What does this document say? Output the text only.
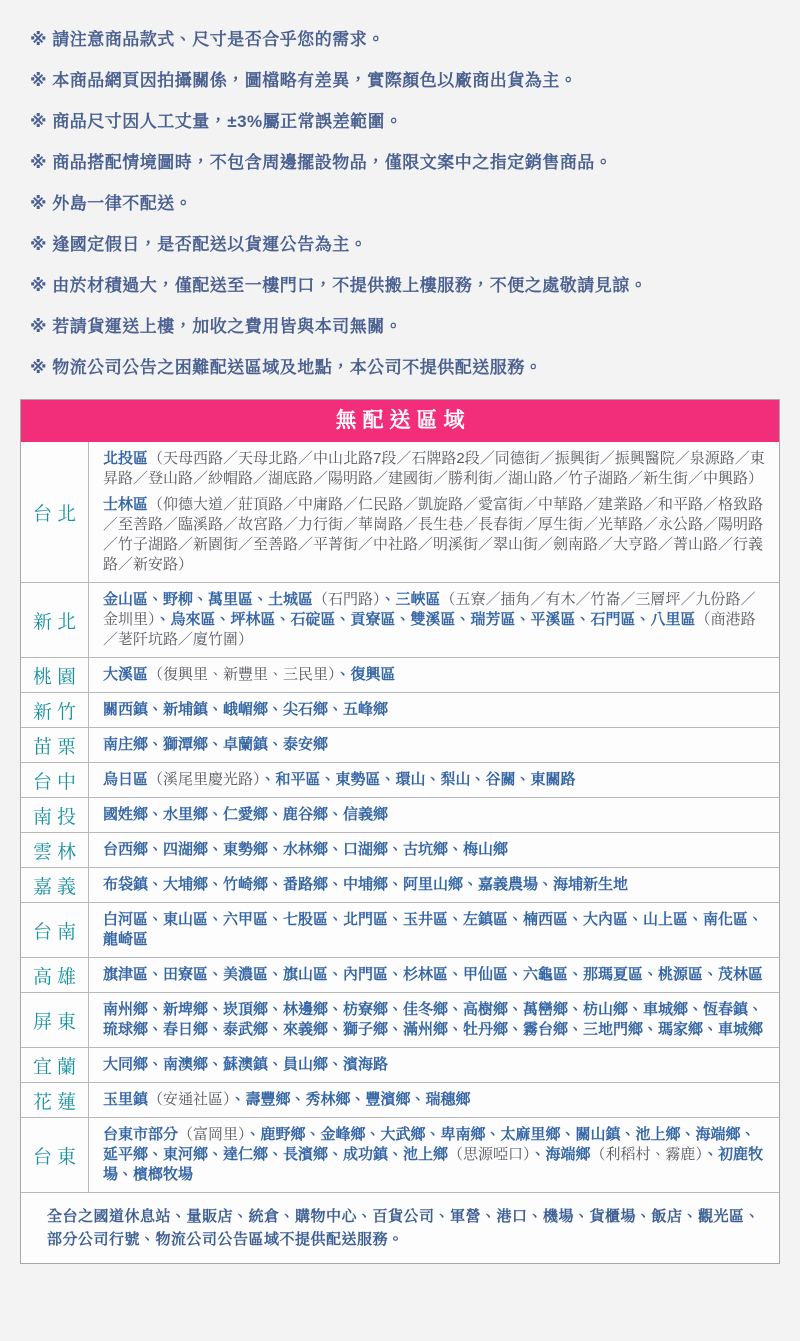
※ 請注意商品款式、尺寸是否合乎您的需求。
※ 本商品網頁因拍攝關係，圖檔略有差異，實際顏色以廠商出貨為主。
※ 商品尺寸因人工丈量，±3%屬正常誤差範圍。
※ 商品搭配情境圖時，不包含周邊擺設物品，僅限文案中之指定銷售商品。
※ 外島一律不配送。
※ 逢國定假日，是否配送以貨運公告為主。
※ 由於材積過大，僅配送至一樓門口，不提供搬上樓服務，不便之處敬請見諒。
※ 若請貨運送上樓，加收之費用皆與本司無關。
※ 物流公司公告之困難配送區域及地點，本公司不提供配送服務。
無配送區域
台北

北投區（天母西路／天母北路／中山北路7段／石牌路2段／同德街／振興街／振興醫院／泉源路／東昇路／登山路／紗帽路／湖底路／陽明路／建國街／勝利街／湖山路／竹子湖路／新生街／中興路）

士林區（仰德大道／莊頂路／中庸路／仁民路／凱旋路／愛富街／中華路／建業路／和平路／格致路／至善路／臨溪路／故宮路／力行街／華崗路／長生巷／長春街／厚生街／光華路／永公路／陽明路／竹子湖路／新園街／至善路／平菁街／中社路／明溪街／翠山街／劍南路／大亨路／菁山路／行義路／新安路）

新北

金山區、野柳、萬里區、土城區（石門路）、三峽區（五寮／插角／有木／竹崙／三層坪／九份路／金圳里）、烏來區、坪林區、石碇區、貢寮區、雙溪區、瑞芳區、平溪區、石門區、八里區（商港路／荖阡坑路／廈竹圍）

桃園 大溪區（復興里、新豐里、三民里）、復興區

新竹 關西鎮、新埔鎮、峨嵋鄉、尖石鄉、五峰鄉

苗栗 南庄鄉、獅潭鄉、卓蘭鎮、泰安鄉

台中 烏日區（溪尾里慶光路）、和平區、東勢區、環山、梨山、谷關、東關路

南投 國姓鄉、水里鄉、仁愛鄉、鹿谷鄉、信義鄉

雲林 台西鄉、四湖鄉、東勢鄉、水林鄉、口湖鄉、古坑鄉、梅山鄉

嘉義 布袋鎮、大埔鄉、竹崎鄉、番路鄉、中埔鄉、阿里山鄉、嘉義農場、海埔新生地

台南

白河區、東山區、六甲區、七股區、北門區、玉井區、左鎮區、楠西區、大內區、山上區、南化區、龍崎區

高雄 旗津區、田寮區、美濃區、旗山區、內門區、杉林區、甲仙區、六龜區、那瑪夏區、桃源區、茂林區

屏東

南州鄉、新埤鄉、崁頂鄉、林邊鄉、枋寮鄉、佳冬鄉、高樹鄉、萬巒鄉、枋山鄉、車城鄉、恆春鎮、琉球鄉、春日鄉、泰武鄉、來義鄉、獅子鄉、滿州鄉、牡丹鄉、霧台鄉、三地門鄉、瑪家鄉、車城鄉

宜蘭 大同鄉、南澳鄉、蘇澳鎮、員山鄉、濱海路

花蓮 玉里鎮（安通社區）、壽豐鄉、秀林鄉、豐濱鄉、瑞穗鄉

台東

台東市部分（富岡里）、鹿野鄉、金峰鄉、大武鄉、卑南鄉、太麻里鄉、關山鎮、池上鄉、海端鄉、延平鄉、東河鄉、達仁鄉、長濱鄉、成功鎮、池上鄉（思源啞口）、海端鄉（利稻村、霧鹿）、初鹿牧場、檳榔牧場

全台之國道休息站、量販店、統倉、購物中心、百貨公司、軍營、港口、機場、貨櫃場、飯店、觀光區、部分公司行號、物流公司公告區域不提供配送服務。
